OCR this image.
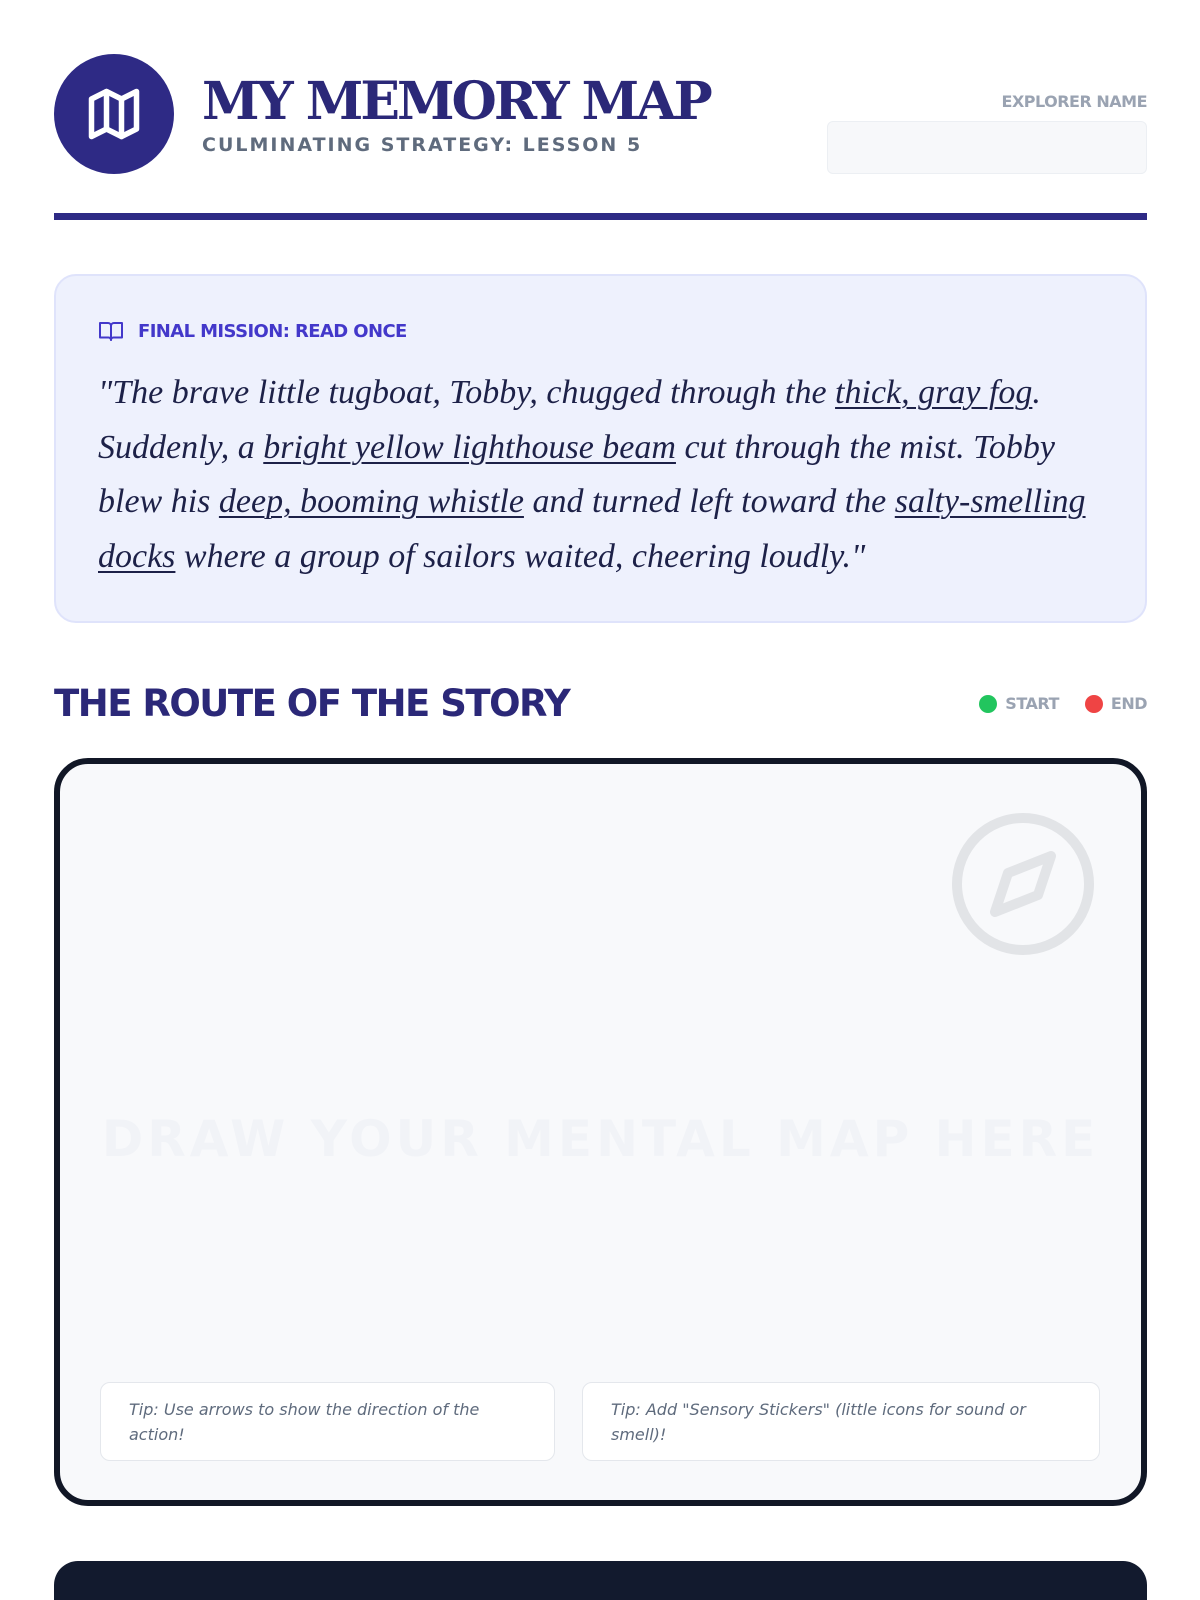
MY MEMORY MAP
CULMINATING STRATEGY: LESSON 5
EXPLORER NAME
FINAL MISSION: READ ONCE

"The brave little tugboat, Tobby, chugged through the thick, gray fog. Suddenly, a bright yellow lighthouse beam cut through the mist. Tobby blew his deep, booming whistle and turned left toward the salty-smelling docks where a group of sailors waited, cheering loudly."

THE ROUTE OF THE STORY	START	END
DRAW YOUR MENTAL MAP HERE
Tip: Use arrows to show the direction of the action!
Tip: Add "Sensory Stickers" (little icons for sound or smell)!
